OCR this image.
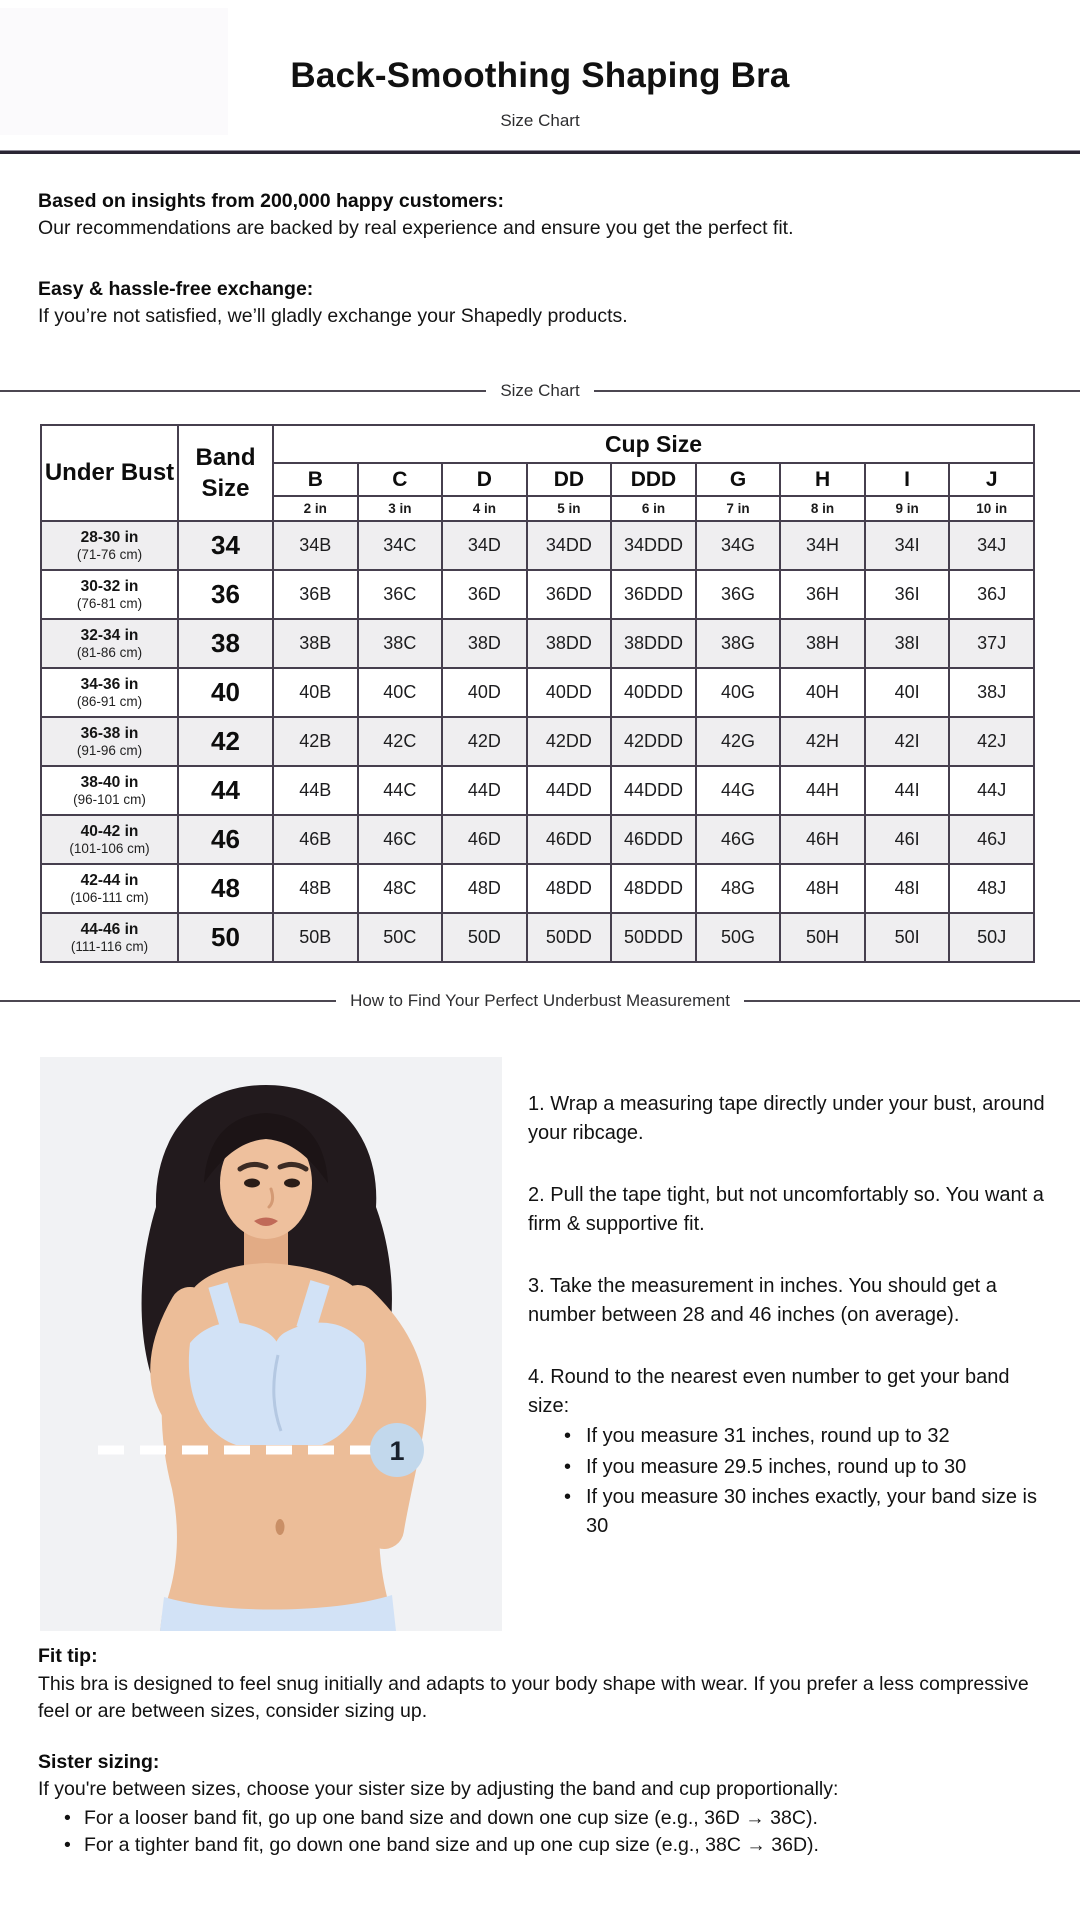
Back-Smoothing Shaping Bra
Size Chart

Based on insights from 200,000 happy customers:

Our recommendations are backed by real experience and ensure you get the perfect fit.

Easy & hassle-free exchange:

If you’re not satisfied, we’ll gladly exchange your Shapedly products.

Size Chart
Under Bust	Band Size	Cup Size								
		B	C	D	DD	DDD	G	H	I	J
		2 in	3 in	4 in	5 in	6 in	7 in	8 in	9 in	10 in

28-30 in
(71-76 cm)	34	34B	34C	34D	34DD	34DDD	34G	34H	34I	34J

30-32 in
(76-81 cm)	36	36B	36C	36D	36DD	36DDD	36G	36H	36I	36J

32-34 in
(81-86 cm)	38	38B	38C	38D	38DD	38DDD	38G	38H	38I	37J

34-36 in
(86-91 cm)	40	40B	40C	40D	40DD	40DDD	40G	40H	40I	38J

36-38 in
(91-96 cm)	42	42B	42C	42D	42DD	42DDD	42G	42H	42I	42J

38-40 in
(96-101 cm)	44	44B	44C	44D	44DD	44DDD	44G	44H	44I	44J

40-42 in
(101-106 cm)	46	46B	46C	46D	46DD	46DDD	46G	46H	46I	46J

42-44 in
(106-111 cm)	48	48B	48C	48D	48DD	48DDD	48G	48H	48I	48J

44-46 in
(111-116 cm)	50	50B	50C	50D	50DD	50DDD	50G	50H	50I	50J
How to Find Your Perfect Underbust Measurement
1

1. Wrap a measuring tape directly under your bust, around your ribcage.

2. Pull the tape tight, but not uncomfortably so. You want a firm & supportive fit.

3. Take the measurement in inches. You should get a number between 28 and 46 inches (on average).

4. Round to the nearest even number to get your band size:

• If you measure 31 inches, round up to 32
• If you measure 29.5 inches, round up to 30
• If you measure 30 inches exactly, your band size is 30

Fit tip:

This bra is designed to feel snug initially and adapts to your body shape with wear. If you prefer a less compressive feel or are between sizes, consider sizing up.

Sister sizing:

If you're between sizes, choose your sister size by adjusting the band and cup proportionally:

• For a looser band fit, go up one band size and down one cup size (e.g., 36D → 38C).
• For a tighter band fit, go down one band size and up one cup size (e.g., 38C → 36D).
